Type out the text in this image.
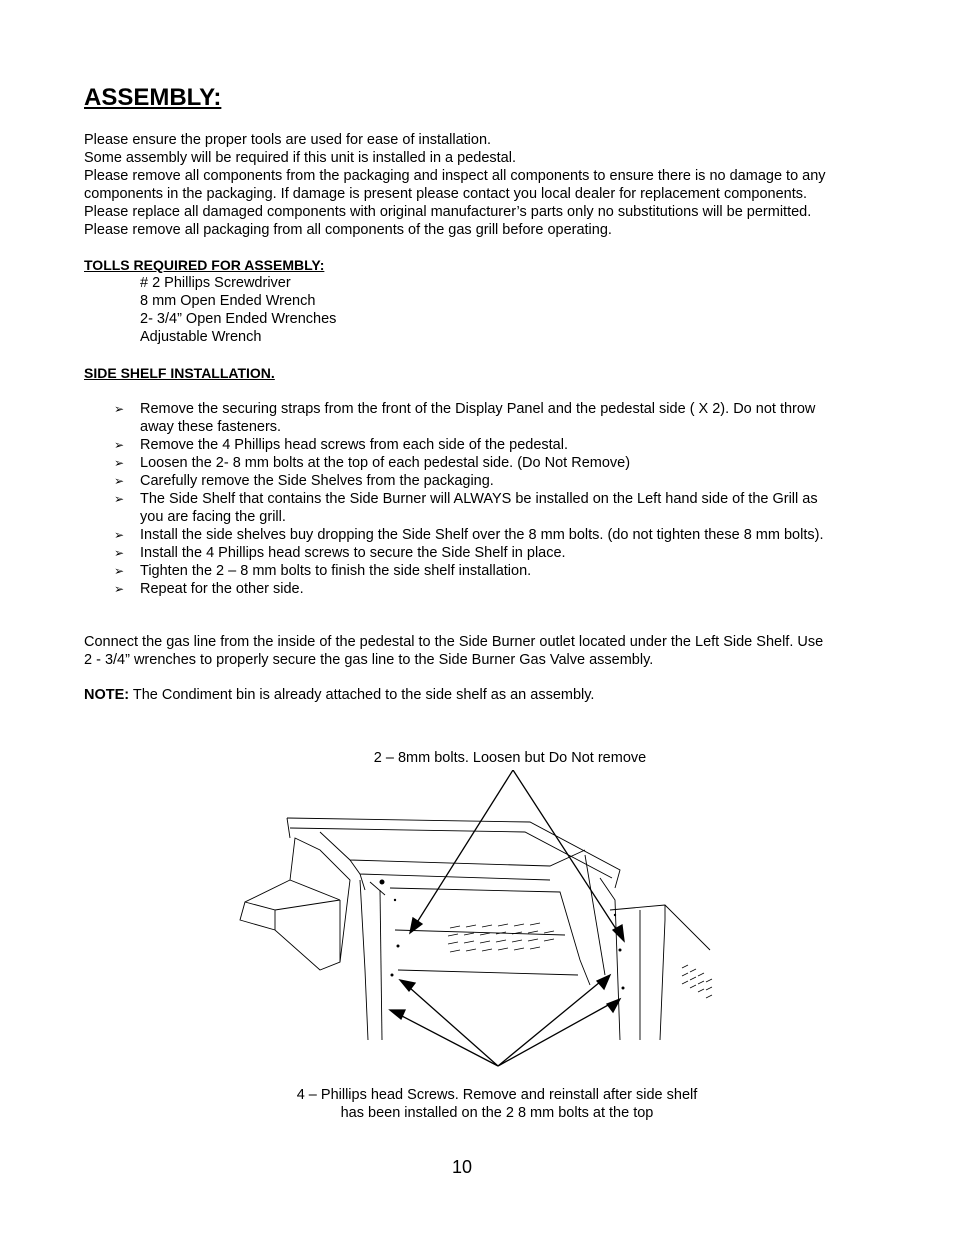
ASSEMBLY:

Please ensure the proper tools are used for ease of installation.

Some assembly will be required if this unit is installed in a pedestal.

Please remove all components from the packaging and inspect all components to ensure there is no damage to any components in the packaging. If damage is present please contact you local dealer for replacement components. Please replace all damaged components with original manufacturer’s parts only no substitutions will be permitted. Please remove all packaging from all components of the gas grill before operating.

TOLLS REQUIRED FOR ASSEMBLY:

# 2 Phillips Screwdriver
8 mm Open Ended Wrench
2- 3/4” Open Ended Wrenches
Adjustable Wrench

SIDE SHELF INSTALLATION.

➢ Remove the securing straps from the front of the Display Panel and the pedestal side ( X 2). Do not throw away these fasteners.
➢ Remove the 4 Phillips head screws from each side of the pedestal.
➢ Loosen the 2- 8 mm bolts at the top of each pedestal side. (Do Not Remove)
➢ Carefully remove the Side Shelves from the packaging.
➢ The Side Shelf that contains the Side Burner will ALWAYS be installed on the Left hand side of the Grill as you are facing the grill.
➢ Install the side shelves buy dropping the Side Shelf over the 8 mm bolts. (do not tighten these 8 mm bolts).
➢ Install the 4 Phillips head screws to secure the Side Shelf in place.
➢ Tighten the 2 – 8 mm bolts to finish the side shelf installation.
➢ Repeat for the other side.

Connect the gas line from the inside of the pedestal to the Side Burner outlet located under the Left Side Shelf. Use 2 - 3/4” wrenches to properly secure the gas line to the Side Burner Gas Valve assembly.

NOTE: The Condiment bin is already attached to the side shelf as an assembly.

2 – 8mm bolts. Loosen but Do Not remove

4 – Phillips head Screws. Remove and reinstall after side shelf
has been installed on the 2 8 mm bolts at the top

10
